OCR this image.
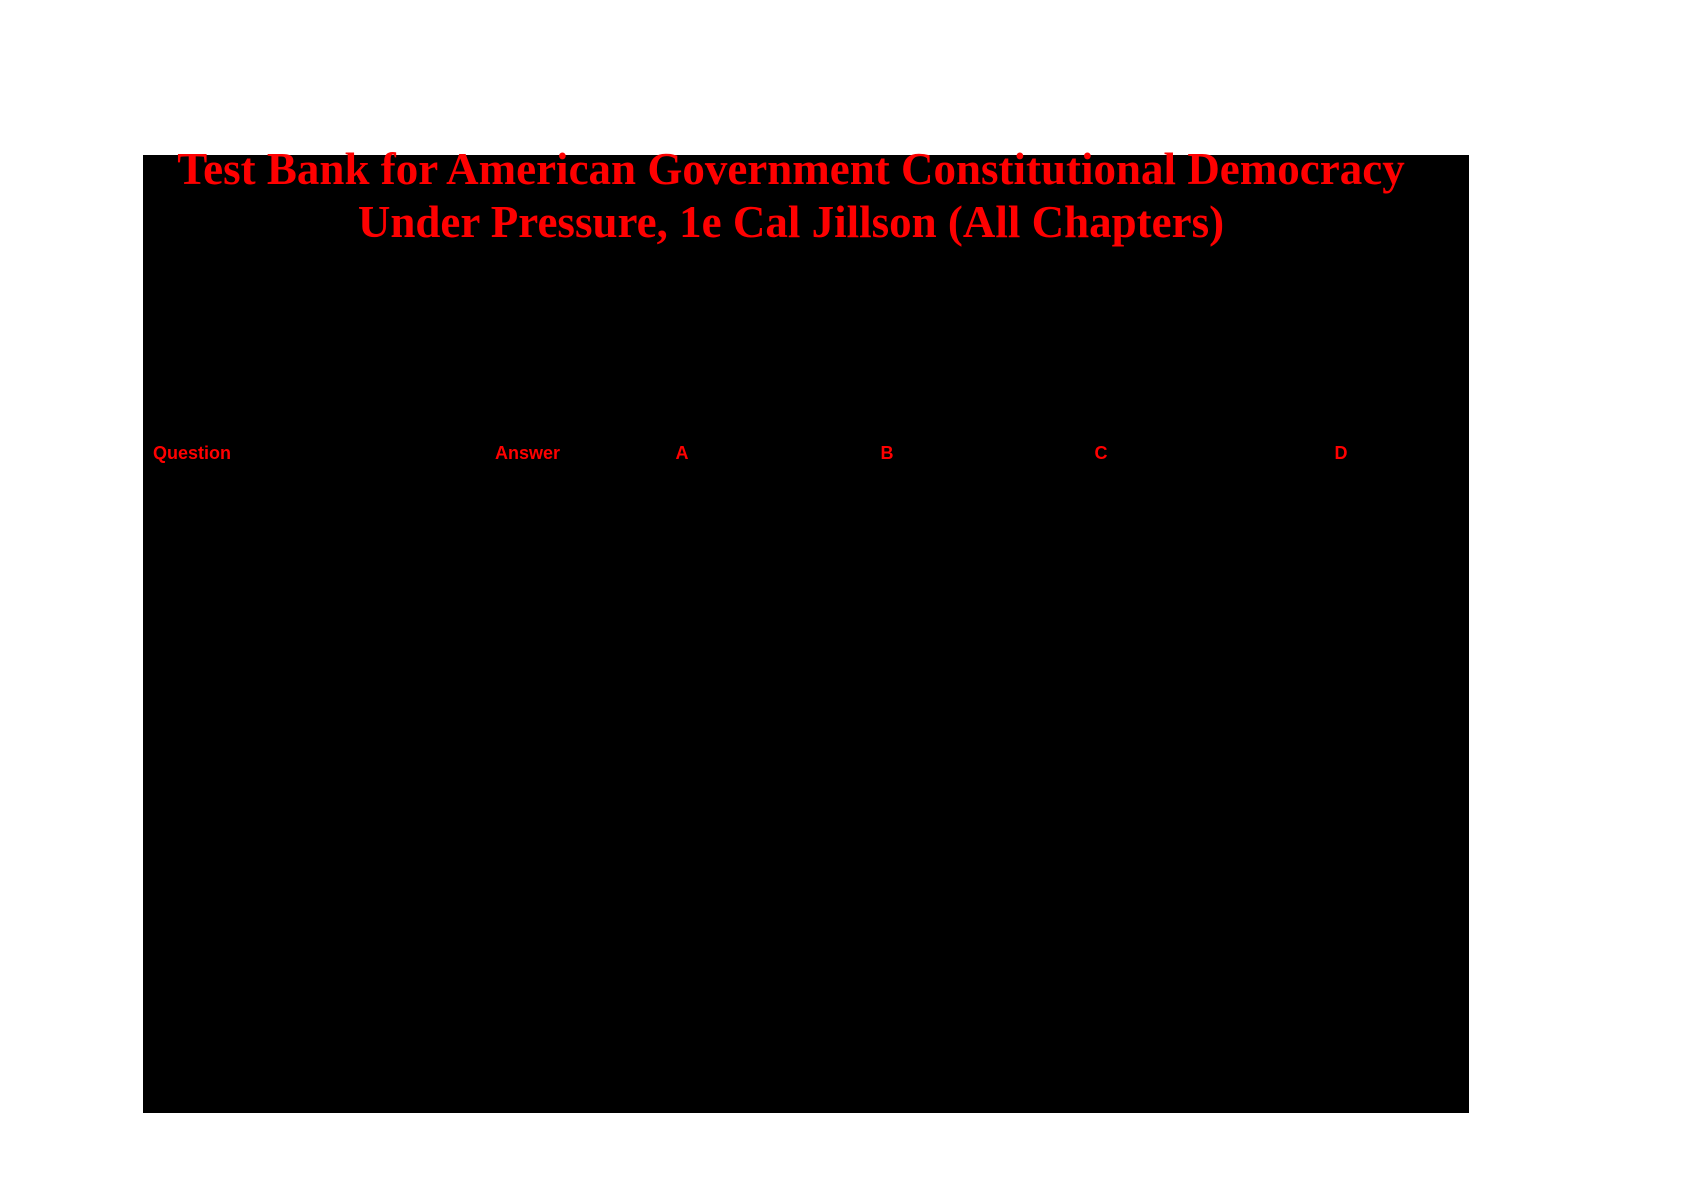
Test Bank for American Government Constitutional Democracy
Under Pressure, 1e Cal Jillson (All Chapters)
Question	Answer	A	B	C	D
